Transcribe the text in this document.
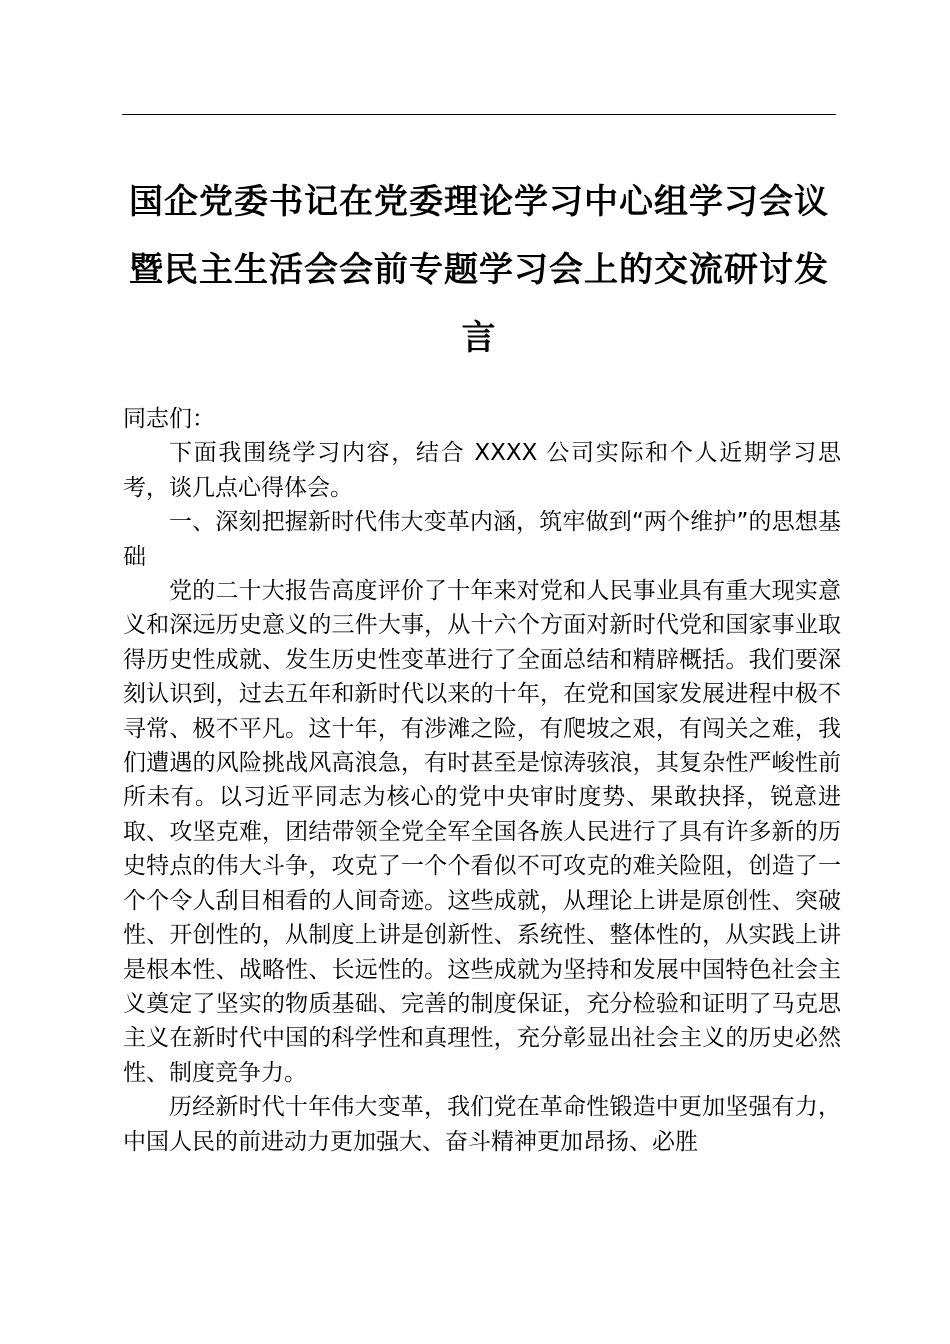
国企党委书记在党委理论学习中心组学习会议
暨民主生活会会前专题学习会上的交流研讨发
言

同志们：

下面我围绕学习内容，结合 XXXX 公司实际和个人近期学习思考，谈几点心得体会。

一、深刻把握新时代伟大变革内涵，筑牢做到“两个维护”的思想基础

党的二十大报告高度评价了十年来对党和人民事业具有重大现实意义和深远历史意义的三件大事，从十六个方面对新时代党和国家事业取得历史性成就、发生历史性变革进行了全面总结和精辟概括。我们要深刻认识到，过去五年和新时代以来的十年，在党和国家发展进程中极不寻常、极不平凡。这十年，有涉滩之险，有爬坡之艰，有闯关之难，我们遭遇的风险挑战风高浪急，有时甚至是惊涛骇浪，其复杂性严峻性前所未有。以习近平同志为核心的党中央审时度势、果敢抉择，锐意进取、攻坚克难，团结带领全党全军全国各族人民进行了具有许多新的历史特点的伟大斗争，攻克了一个个看似不可攻克的难关险阻，创造了一个个令人刮目相看的人间奇迹。这些成就，从理论上讲是原创性、突破性、开创性的，从制度上讲是创新性、系统性、整体性的，从实践上讲是根本性、战略性、长远性的。这些成就为坚持和发展中国特色社会主义奠定了坚实的物质基础、完善的制度保证，充分检验和证明了马克思主义在新时代中国的科学性和真理性，充分彰显出社会主义的历史必然性、制度竞争力。

历经新时代十年伟大变革，我们党在革命性锻造中更加坚强有力，中国人民的前进动力更加强大、奋斗精神更加昂扬、必胜
